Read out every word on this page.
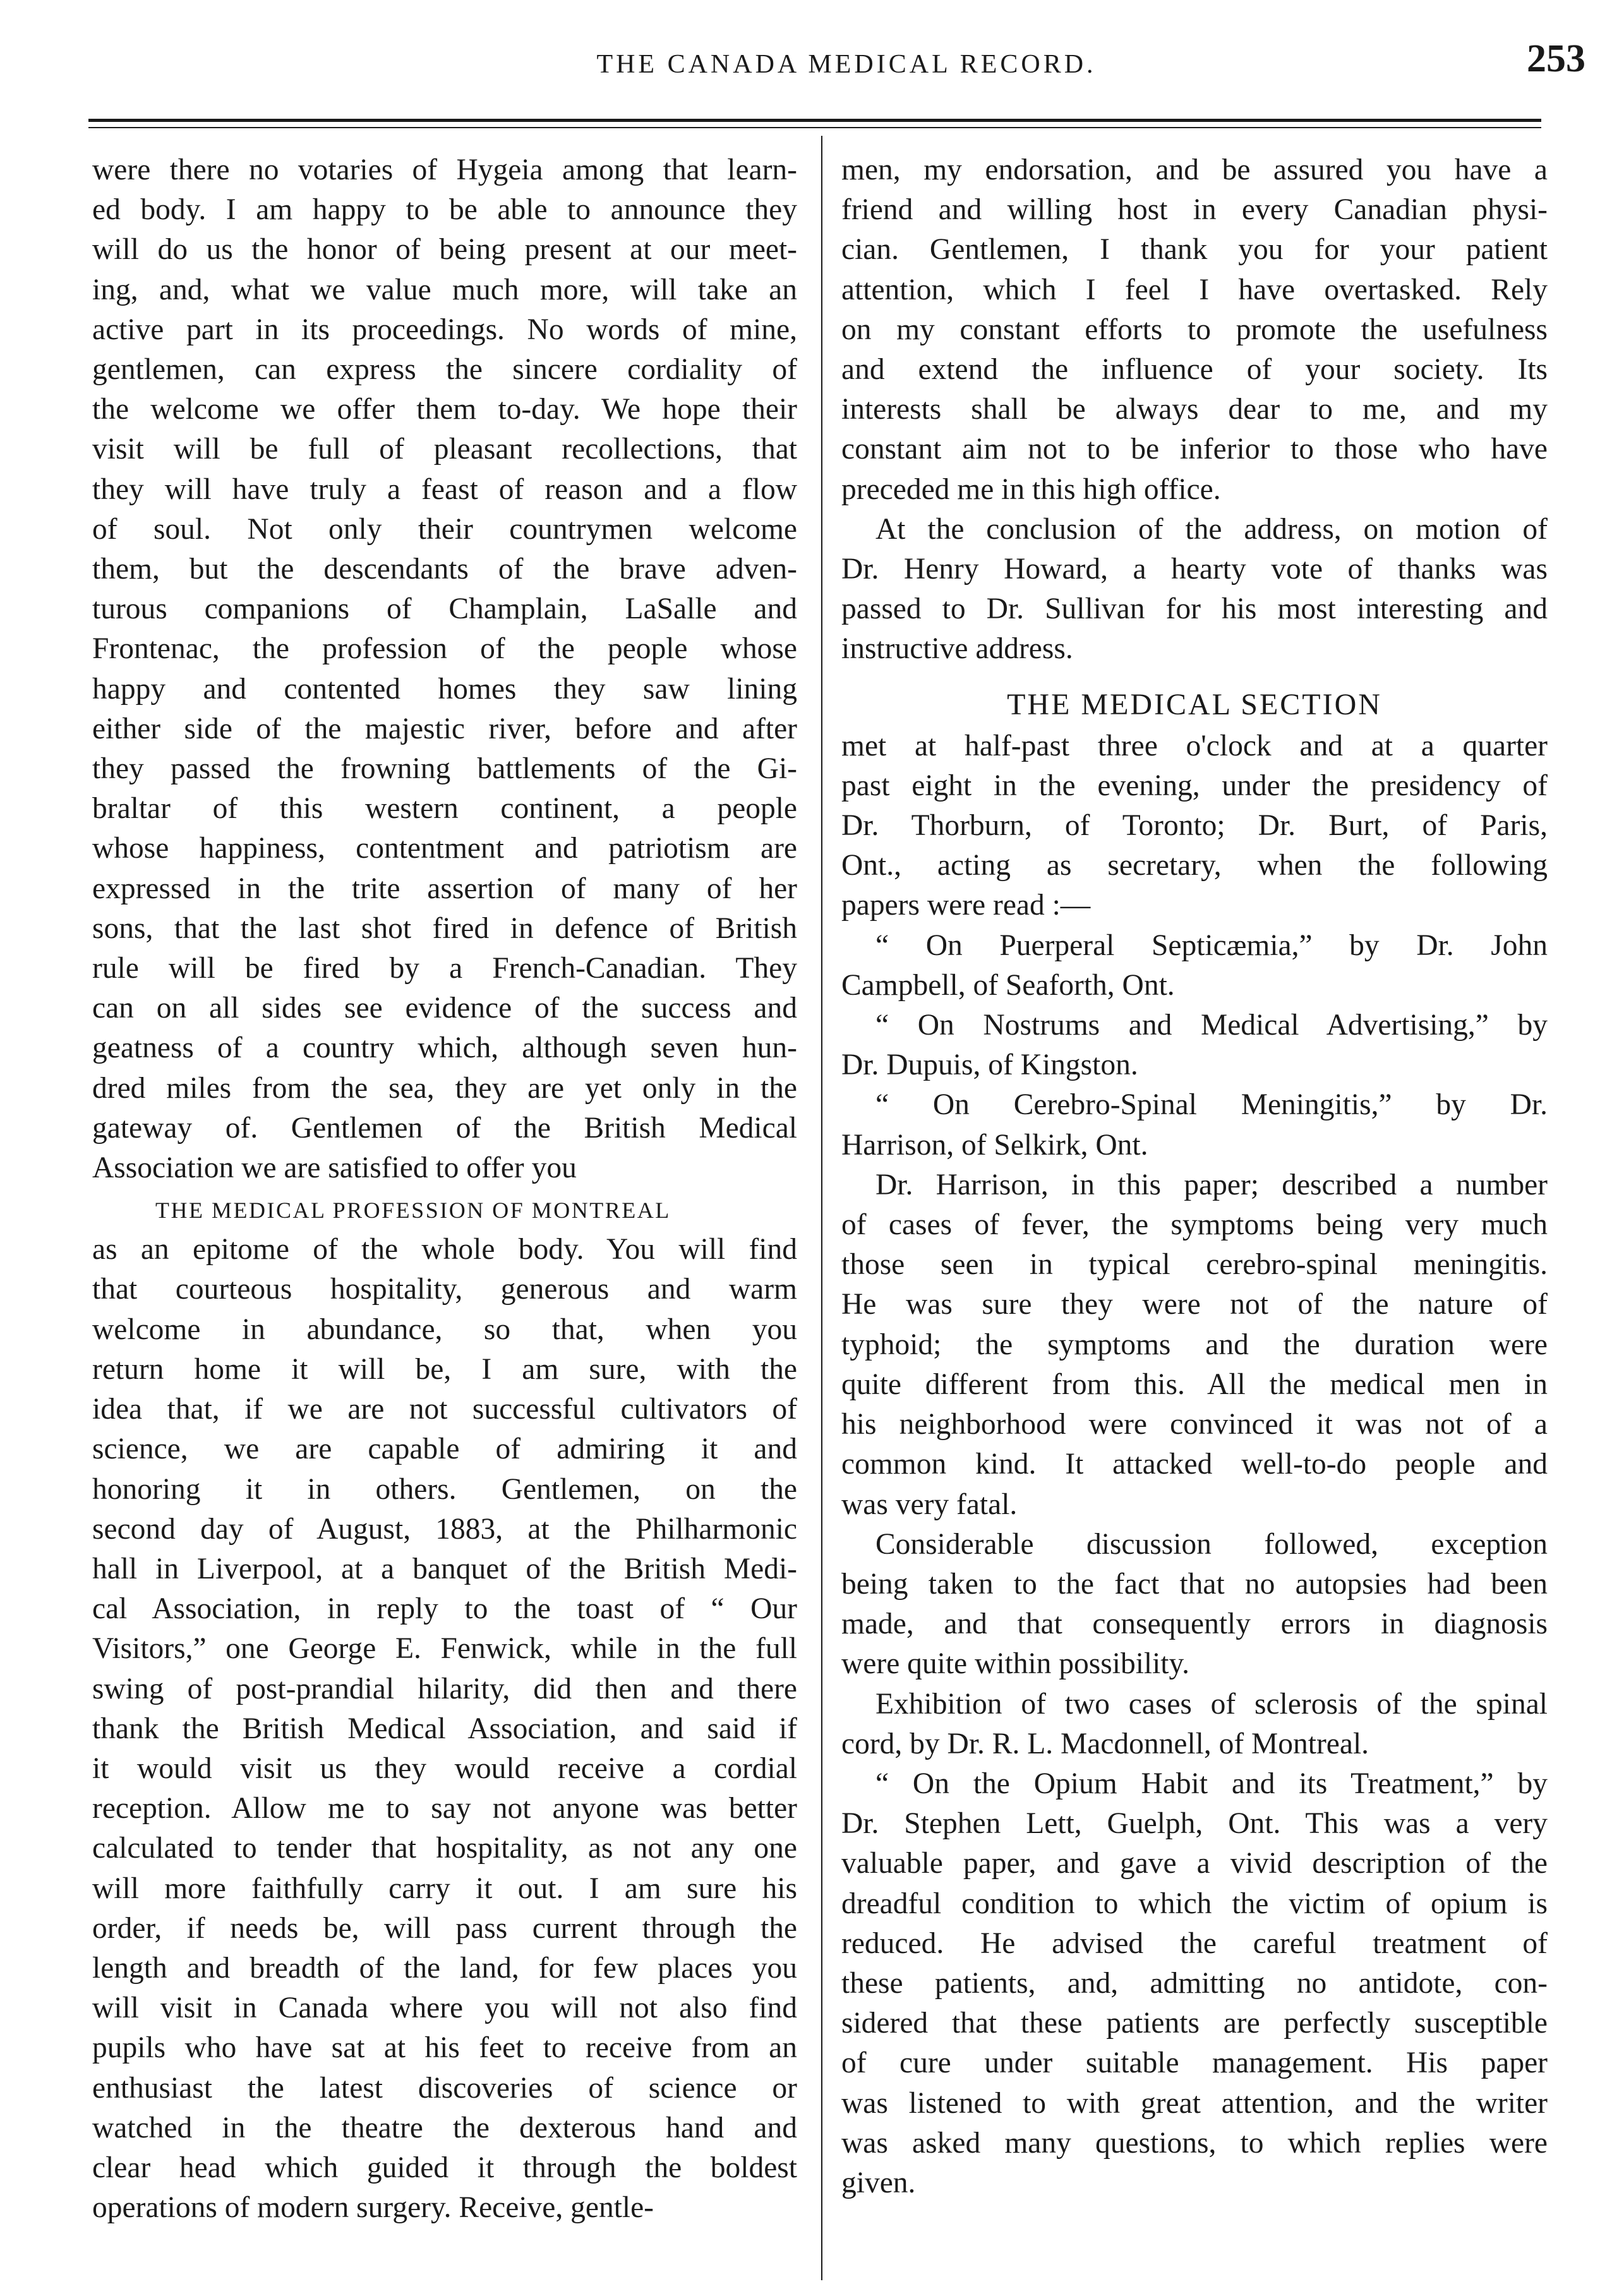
THE CANADA MEDICAL RECORD.	253
were there no votaries of Hygeia among that learn-
ed body. I am happy to be able to announce they
will do us the honor of being present at our meet-
ing, and, what we value much more, will take an
active part in its proceedings. No words of mine,
gentlemen, can express the sincere cordiality of
the welcome we offer them to-day. We hope their
visit will be full of pleasant recollections, that
they will have truly a feast of reason and a flow
of soul. Not only their countrymen welcome
them, but the descendants of the brave adven-
turous companions of Champlain, LaSalle and
Frontenac, the profession of the people whose
happy and contented homes they saw lining
either side of the majestic river, before and after
they passed the frowning battlements of the Gi-
braltar of this western continent, a people
whose happiness, contentment and patriotism are
expressed in the trite assertion of many of her
sons, that the last shot fired in defence of British
rule will be fired by a French-Canadian. They
can on all sides see evidence of the success and
geatness of a country which, although seven hun-
dred miles from the sea, they are yet only in the
gateway of. Gentlemen of the British Medical
Association we are satisfied to offer you
THE MEDICAL PROFESSION OF MONTREAL
as an epitome of the whole body. You will find
that courteous hospitality, generous and warm
welcome in abundance, so that, when you
return home it will be, I am sure, with the
idea that, if we are not successful cultivators of
science, we are capable of admiring it and
honoring it in others. Gentlemen, on the
second day of August, 1883, at the Philharmonic
hall in Liverpool, at a banquet of the British Medi-
cal Association, in reply to the toast of “ Our
Visitors,” one George E. Fenwick, while in the full
swing of post-prandial hilarity, did then and there
thank the British Medical Association, and said if
it would visit us they would receive a cordial
reception. Allow me to say not anyone was better
calculated to tender that hospitality, as not any one
will more faithfully carry it out. I am sure his
order, if needs be, will pass current through the
length and breadth of the land, for few places you
will visit in Canada where you will not also find
pupils who have sat at his feet to receive from an
enthusiast the latest discoveries of science or
watched in the theatre the dexterous hand and
clear head which guided it through the boldest
operations of modern surgery. Receive, gentle-
men, my endorsation, and be assured you have a
friend and willing host in every Canadian physi-
cian. Gentlemen, I thank you for your patient
attention, which I feel I have overtasked. Rely
on my constant efforts to promote the usefulness
and extend the influence of your society. Its
interests shall be always dear to me, and my
constant aim not to be inferior to those who have
preceded me in this high office.
At the conclusion of the address, on motion of
Dr. Henry Howard, a hearty vote of thanks was
passed to Dr. Sullivan for his most interesting and
instructive address.
THE MEDICAL SECTION
met at half-past three o'clock and at a quarter
past eight in the evening, under the presidency of
Dr. Thorburn, of Toronto; Dr. Burt, of Paris,
Ont., acting as secretary, when the following
papers were read :—
“ On Puerperal Septicæmia,” by Dr. John
Campbell, of Seaforth, Ont.
“ On Nostrums and Medical Advertising,” by
Dr. Dupuis, of Kingston.
“ On Cerebro-Spinal Meningitis,” by Dr.
Harrison, of Selkirk, Ont.
Dr. Harrison, in this paper; described a number
of cases of fever, the symptoms being very much
those seen in typical cerebro-spinal meningitis.
He was sure they were not of the nature of
typhoid; the symptoms and the duration were
quite different from this. All the medical men in
his neighborhood were convinced it was not of a
common kind. It attacked well-to-do people and
was very fatal.
Considerable discussion followed, exception
being taken to the fact that no autopsies had been
made, and that consequently errors in diagnosis
were quite within possibility.
Exhibition of two cases of sclerosis of the spinal
cord, by Dr. R. L. Macdonnell, of Montreal.
“ On the Opium Habit and its Treatment,” by
Dr. Stephen Lett, Guelph, Ont. This was a very
valuable paper, and gave a vivid description of the
dreadful condition to which the victim of opium is
reduced. He advised the careful treatment of
these patients, and, admitting no antidote, con-
sidered that these patients are perfectly susceptible
of cure under suitable management. His paper
was listened to with great attention, and the writer
was asked many questions, to which replies were
given.
